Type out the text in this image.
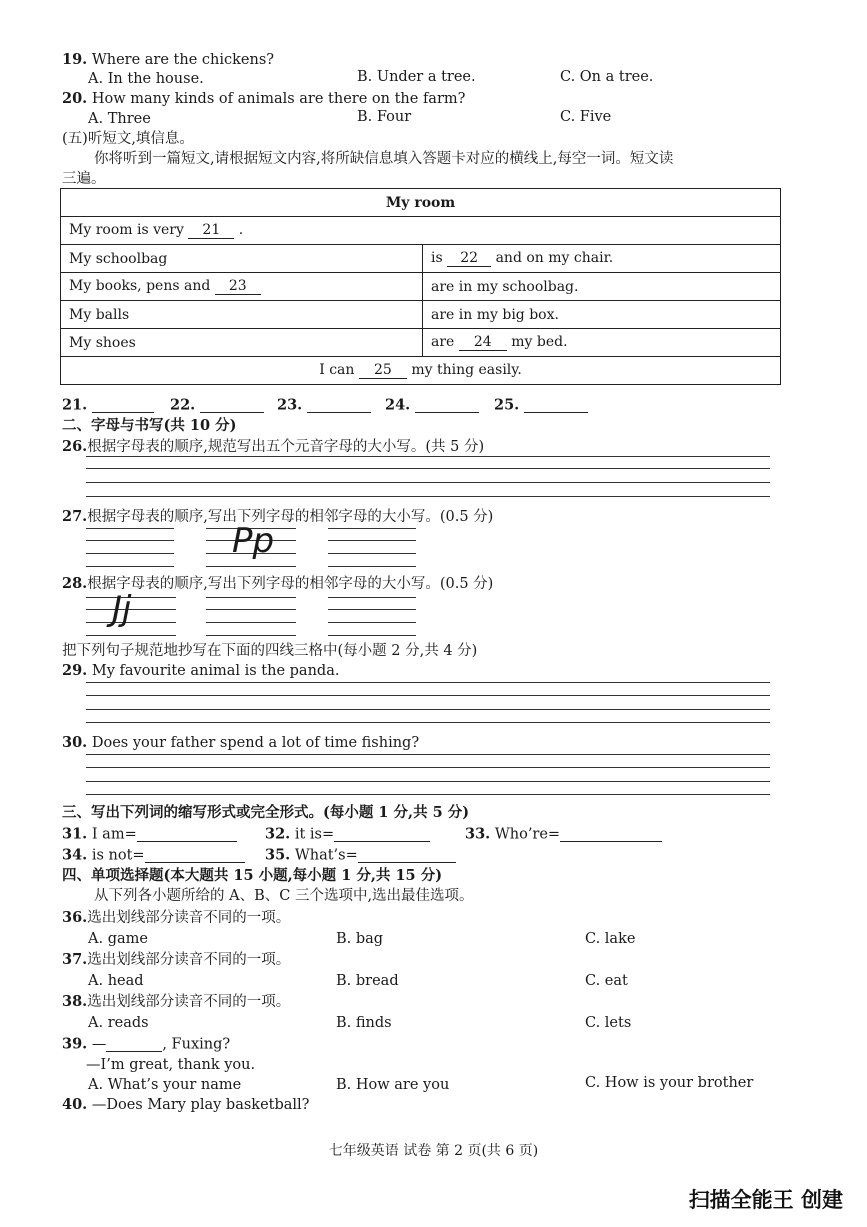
19. Where are the chickens?
A. In the house.	B. Under a tree.	C. On a tree.
20. How many kinds of animals are there on the farm?
A. Three	B. Four	C. Five
(五)听短文,填信息。
你将听到一篇短文,请根据短文内容,将所缺信息填入答题卡对应的横线上,每空一词。短文读
三遍。
My room	
My room is very 21 .	
My schoolbag	is 22 and on my chair.
My books, pens and 23	are in my schoolbag.
My balls	are in my big box.
My shoes	are 24 my bed.
I can 25 my thing easily.	
21.	22.	23.	24.	25.
二、字母与书写(共 10 分)
26.根据字母表的顺序,规范写出五个元音字母的大小写。(共 5 分)
27.根据字母表的顺序,写出下列字母的相邻字母的大小写。(0.5 分)
Pp
28.根据字母表的顺序,写出下列字母的相邻字母的大小写。(0.5 分)
Jj
把下列句子规范地抄写在下面的四线三格中(每小题 2 分,共 4 分)
29. My favourite animal is the panda.
30. Does your father spend a lot of time fishing?
三、写出下列词的缩写形式或完全形式。(每小题 1 分,共 5 分)
31. I am=	32. it is=	33. Who’re=
34. is not=	35. What’s=
四、单项选择题(本大题共 15 小题,每小题 1 分,共 15 分)
从下列各小题所给的 A、B、C 三个选项中,选出最佳选项。
36.选出划线部分读音不同的一项。
A. game	B. bag	C. lake
37.选出划线部分读音不同的一项。
A. head	B. bread	C. eat
38.选出划线部分读音不同的一项。
A. reads	B. finds	C. lets
39. —	, Fuxing?
—I’m great, thank you.
A. What’s your name	B. How are you	C. How is your brother
40. —Does Mary play basketball?
七年级英语 试卷 第 2 页(共 6 页)
扫描全能王 创建
